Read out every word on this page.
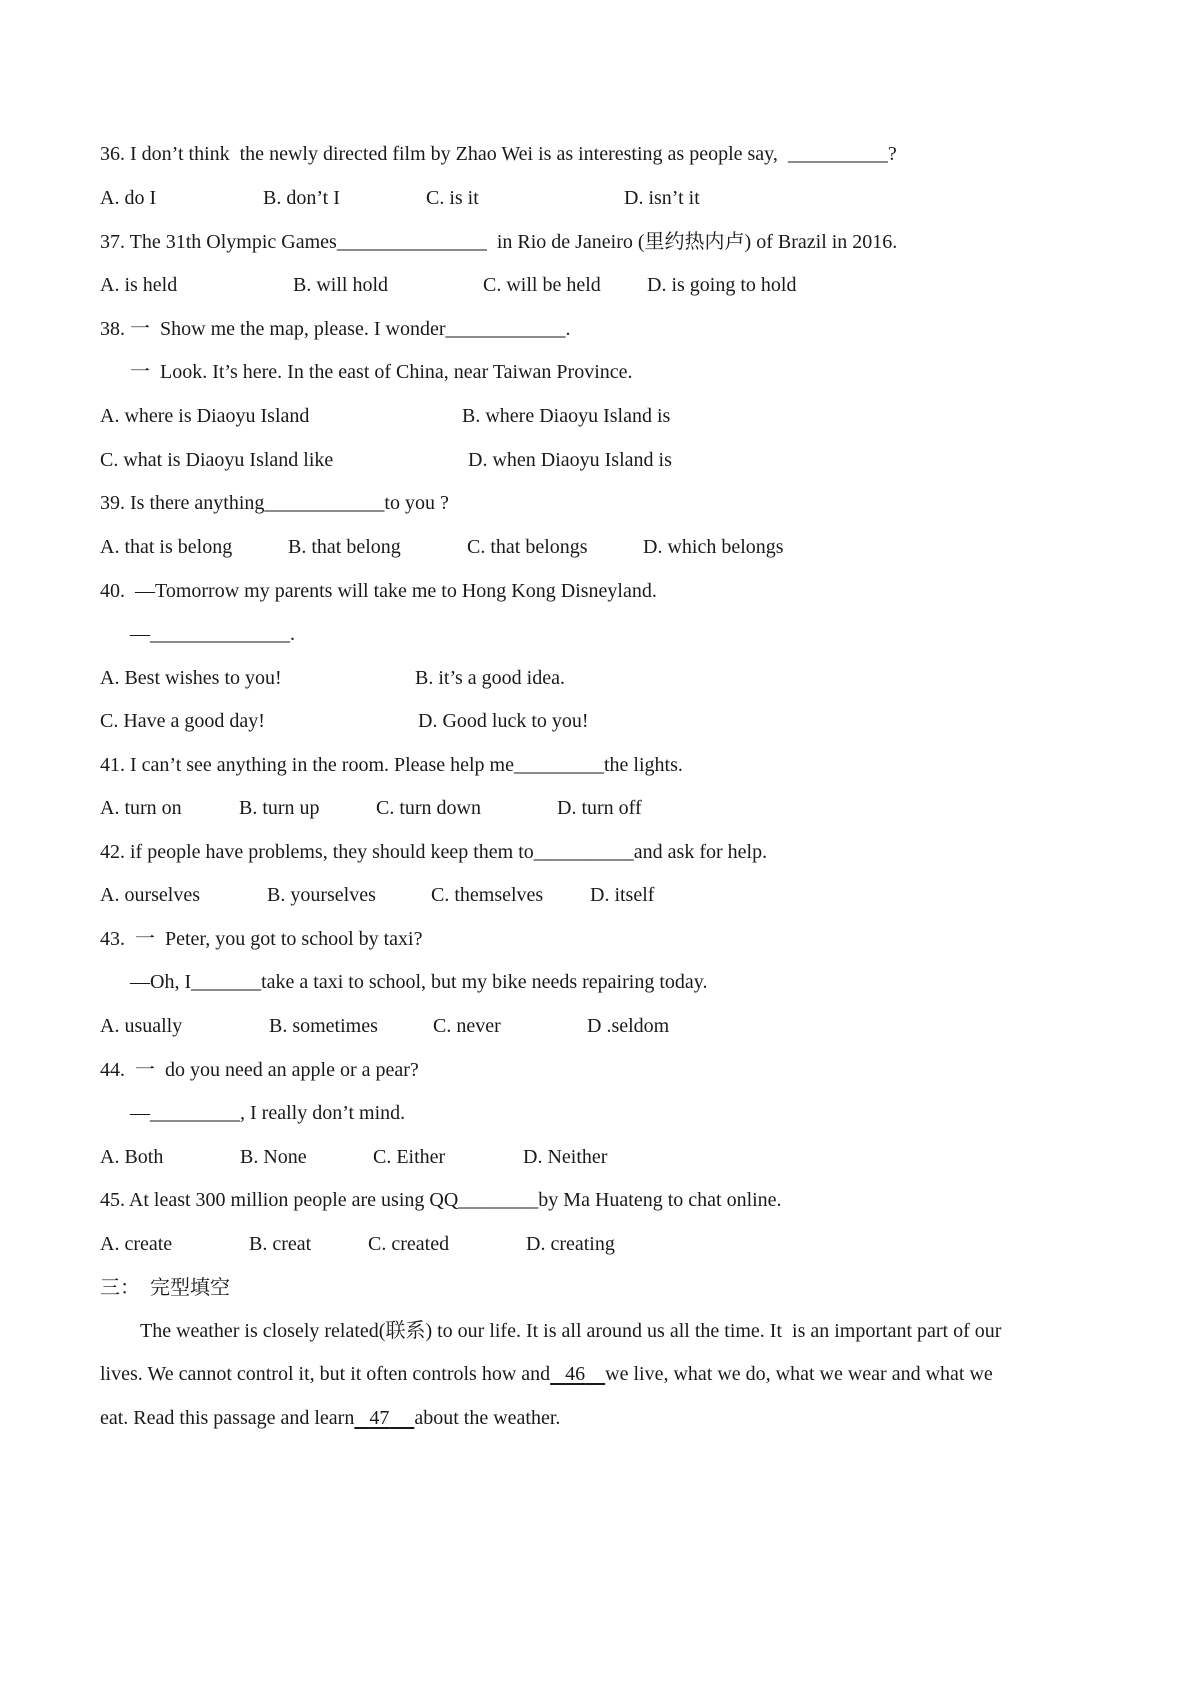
36. I don’t think  the newly directed film by Zhao Wei is as interesting as people say,  __________?
A. do I	B. don’t I	C. is it	D. isn’t it
37. The 31th Olympic Games_______________  in Rio de Janeiro (里约热内卢) of Brazil in 2016.
A. is held	B. will hold	C. will be held D. is going to hold
38. 一  Show me the map, please. I wonder____________.
一  Look. It’s here. In the east of China, near Taiwan Province.
A. where is Diaoyu Island	B. where Diaoyu Island is
C. what is Diaoyu Island like	D. when Diaoyu Island is
39. Is there anything____________to you ?
A. that is belong	B. that belong	C. that belongs	D. which belongs
40.  —Tomorrow my parents will take me to Hong Kong Disneyland.
—______________.
A. Best wishes to you!	B. it’s a good idea.
C. Have a good day!	D. Good luck to you!
41. I can’t see anything in the room. Please help me_________the lights.
A. turn on	B. turn up	C. turn down	D. turn off
42. if people have problems, they should keep them to__________and ask for help.
A. ourselves	B. yourselves	C. themselves D. itself
43.  一  Peter, you got to school by taxi?
—Oh, I_______take a taxi to school, but my bike needs repairing today.
A. usually	B. sometimes	C. never	D .seldom
44.  一  do you need an apple or a pear?
—_________, I really don’t mind.
A. Both	B. None	C. Either	D. Neither
45. At least 300 million people are using QQ________by Ma Huateng to chat online.
A. create	B. creat	C. created	D. creating
三：  完型填空
The weather is closely related(联系) to our life. It is all around us all the time. It  is an important part of our
lives. We cannot control it, but it often controls how and 46 we live, what we do, what we wear and what we
eat. Read this passage and learn 47 about the weather.
